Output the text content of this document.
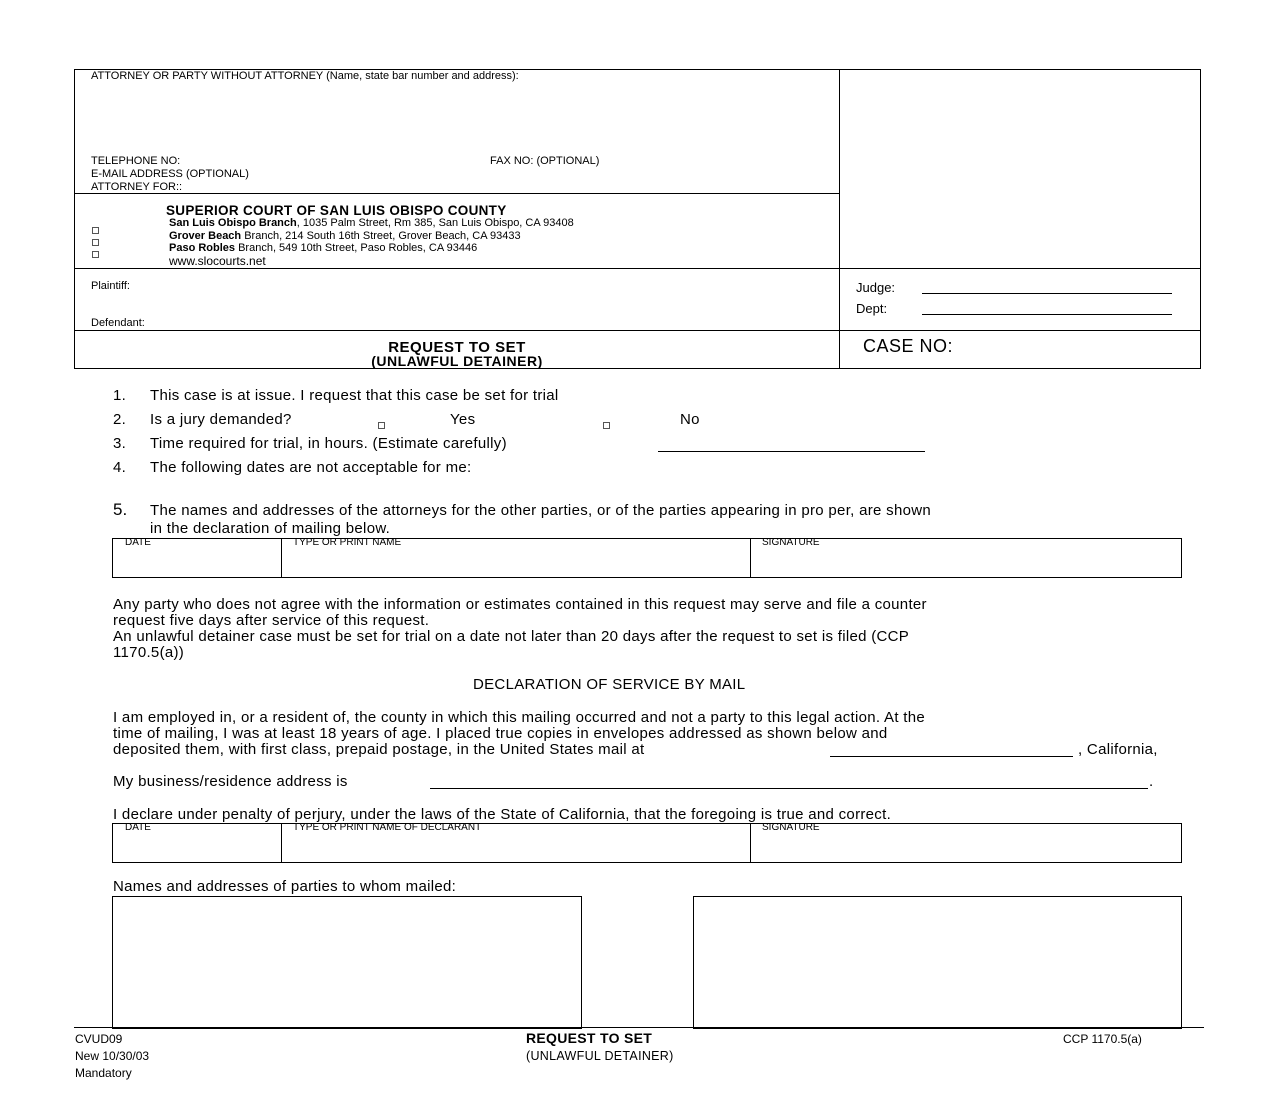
ATTORNEY OR PARTY WITHOUT ATTORNEY (Name, state bar number and address):
TELEPHONE NO:	FAX NO: (OPTIONAL)
E-MAIL ADDRESS (OPTIONAL)
ATTORNEY FOR::
SUPERIOR COURT OF SAN LUIS OBISPO COUNTY
San Luis Obispo Branch, 1035 Palm Street, Rm 385, San Luis Obispo, CA 93408
Grover Beach Branch, 214 South 16th Street, Grover Beach, CA 93433
Paso Robles Branch, 549 10th Street, Paso Robles, CA 93446
www.slocourts.net
Plaintiff:
Defendant:
Judge:
Dept:
REQUEST TO SET
(UNLAWFUL DETAINER)
CASE NO:
1. This case is at issue. I request that this case be set for trial
2. Is a jury demanded?	Yes	No
3. Time required for trial, in hours. (Estimate carefully)
4. The following dates are not acceptable for me:
5. The names and addresses of the attorneys for the other parties, or of the parties appearing in pro per, are shown
in the declaration of mailing below.
DATE	TYPE OR PRINT NAME	SIGNATURE
Any party who does not agree with the information or estimates contained in this request may serve and file a counter
request five days after service of this request.
An unlawful detainer case must be set for trial on a date not later than 20 days after the request to set is filed (CCP
1170.5(a))
DECLARATION OF SERVICE BY MAIL
I am employed in, or a resident of, the county in which this mailing occurred and not a party to this legal action. At the
time of mailing, I was at least 18 years of age. I placed true copies in envelopes addressed as shown below and
deposited them, with first class, prepaid postage, in the United States mail at	, California,
My business/residence address is	.
I declare under penalty of perjury, under the laws of the State of California, that the foregoing is true and correct.
DATE	TYPE OR PRINT NAME OF DECLARANT	SIGNATURE
Names and addresses of parties to whom mailed:
CVUD09
New 10/30/03
Mandatory
REQUEST TO SET
(UNLAWFUL DETAINER)
CCP 1170.5(a)
